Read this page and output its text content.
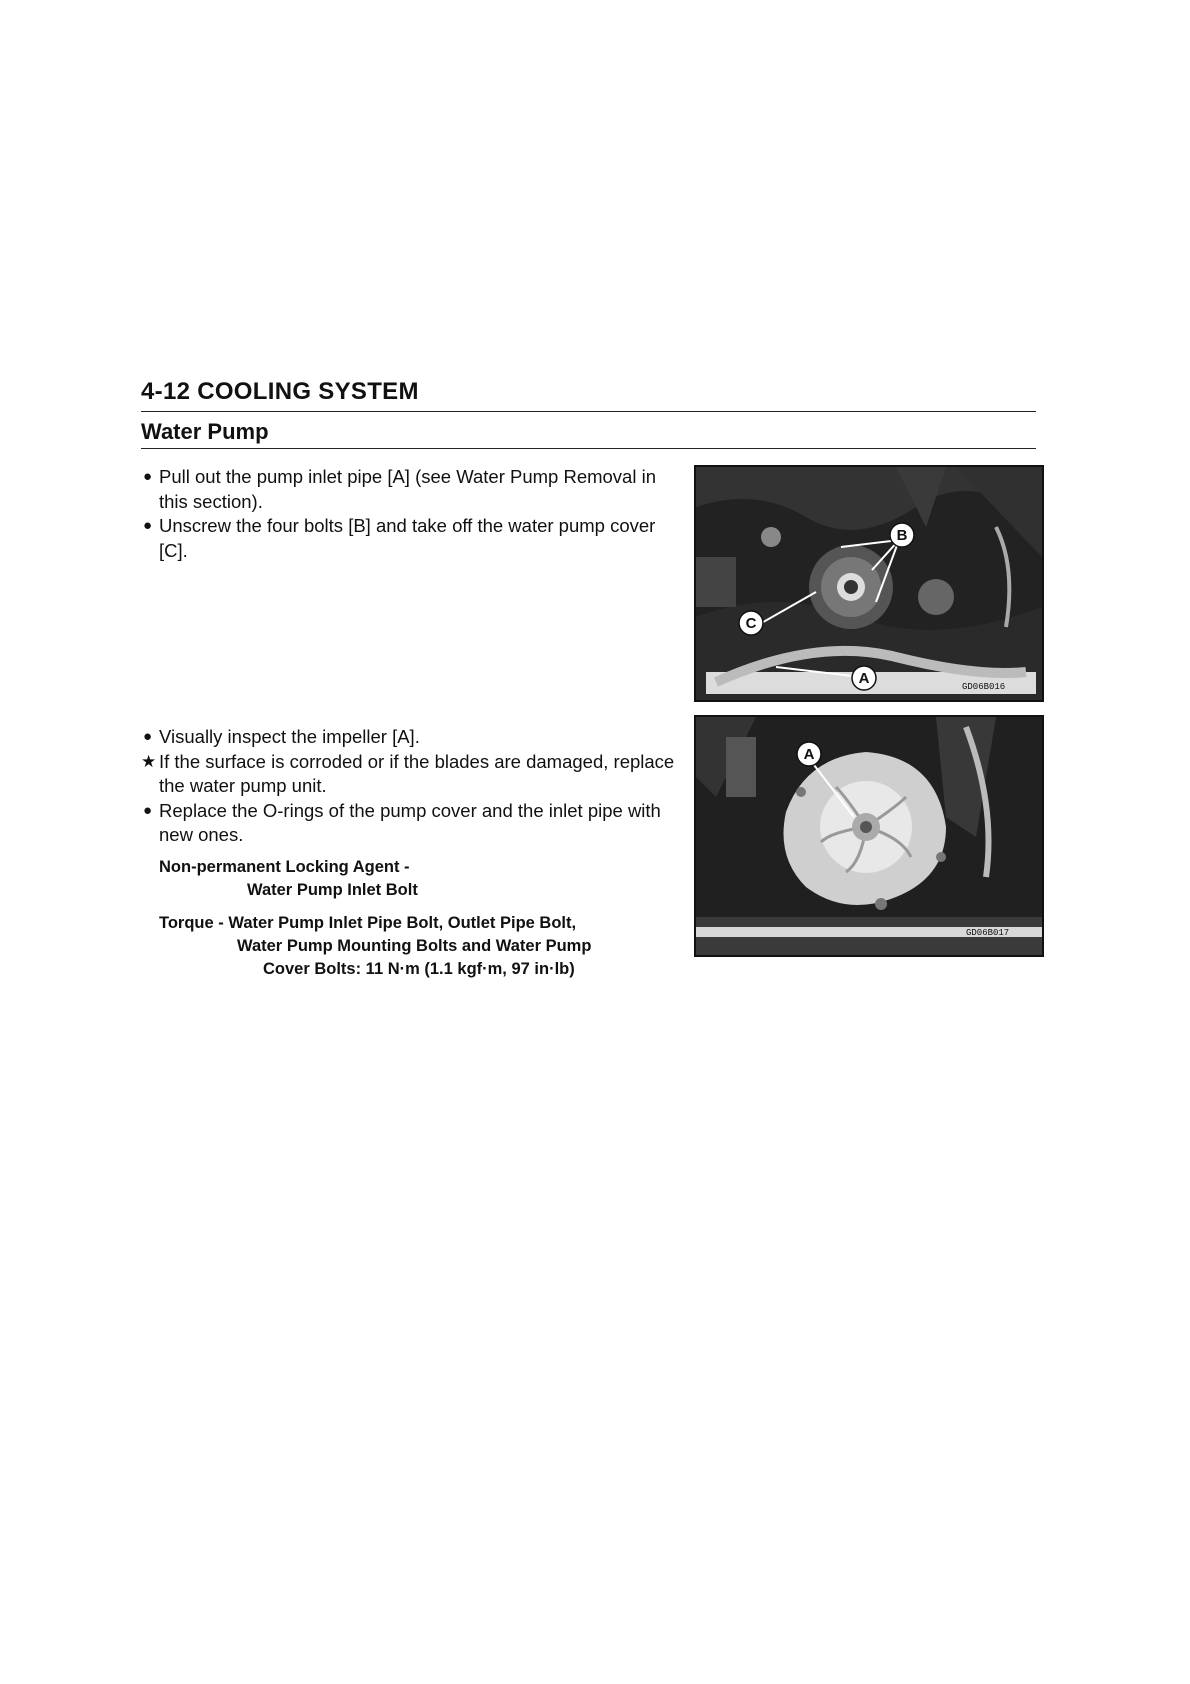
4-12 COOLING SYSTEM
Water Pump

● Pull out the pump inlet pipe [A] (see Water Pump Removal in this section).

● Unscrew the four bolts [B] and take off the water pump cover [C].

B
C
A	GD06B016

● Visually inspect the impeller [A].

★ If the surface is corroded or if the blades are damaged, replace the water pump unit.

● Replace the O-rings of the pump cover and the inlet pipe with new ones.

Non-permanent Locking Agent -
Water Pump Inlet Bolt
Torque - Water Pump Inlet Pipe Bolt, Outlet Pipe Bolt,
Water Pump Mounting Bolts and Water Pump
Cover Bolts: 11 N·m (1.1 kgf·m, 97 in·lb)
A
GD06B017
